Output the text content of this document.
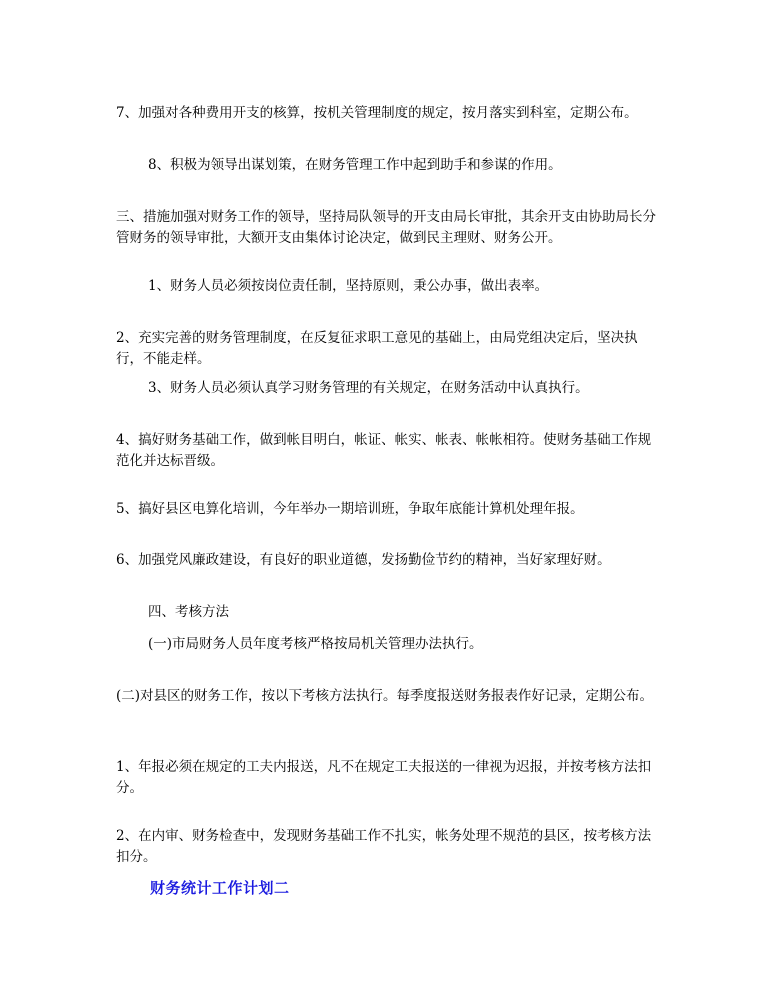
7、加强对各种费用开支的核算，按机关管理制度的规定，按月落实到科室，定期公布。

8、积极为领导出谋划策，在财务管理工作中起到助手和参谋的作用。

三、措施加强对财务工作的领导，坚持局队领导的开支由局长审批，其余开支由协助局长分管财务的领导审批，大额开支由集体讨论决定，做到民主理财、财务公开。

1、财务人员必须按岗位责任制，坚持原则，秉公办事，做出表率。

2、充实完善的财务管理制度，在反复征求职工意见的基础上，由局党组决定后，坚决执行，不能走样。

3、财务人员必须认真学习财务管理的有关规定，在财务活动中认真执行。

4、搞好财务基础工作，做到帐目明白，帐证、帐实、帐表、帐帐相符。使财务基础工作规范化并达标晋级。

5、搞好县区电算化培训，今年举办一期培训班，争取年底能计算机处理年报。

6、加强党风廉政建设，有良好的职业道德，发扬勤俭节约的精神，当好家理好财。

四、考核方法

(一)市局财务人员年度考核严格按局机关管理办法执行。

(二)对县区的财务工作，按以下考核方法执行。每季度报送财务报表作好记录，定期公布。

1、年报必须在规定的工夫内报送，凡不在规定工夫报送的一律视为迟报，并按考核方法扣分。

2、在内审、财务检查中，发现财务基础工作不扎实，帐务处理不规范的县区，按考核方法扣分。

财务统计工作计划二
